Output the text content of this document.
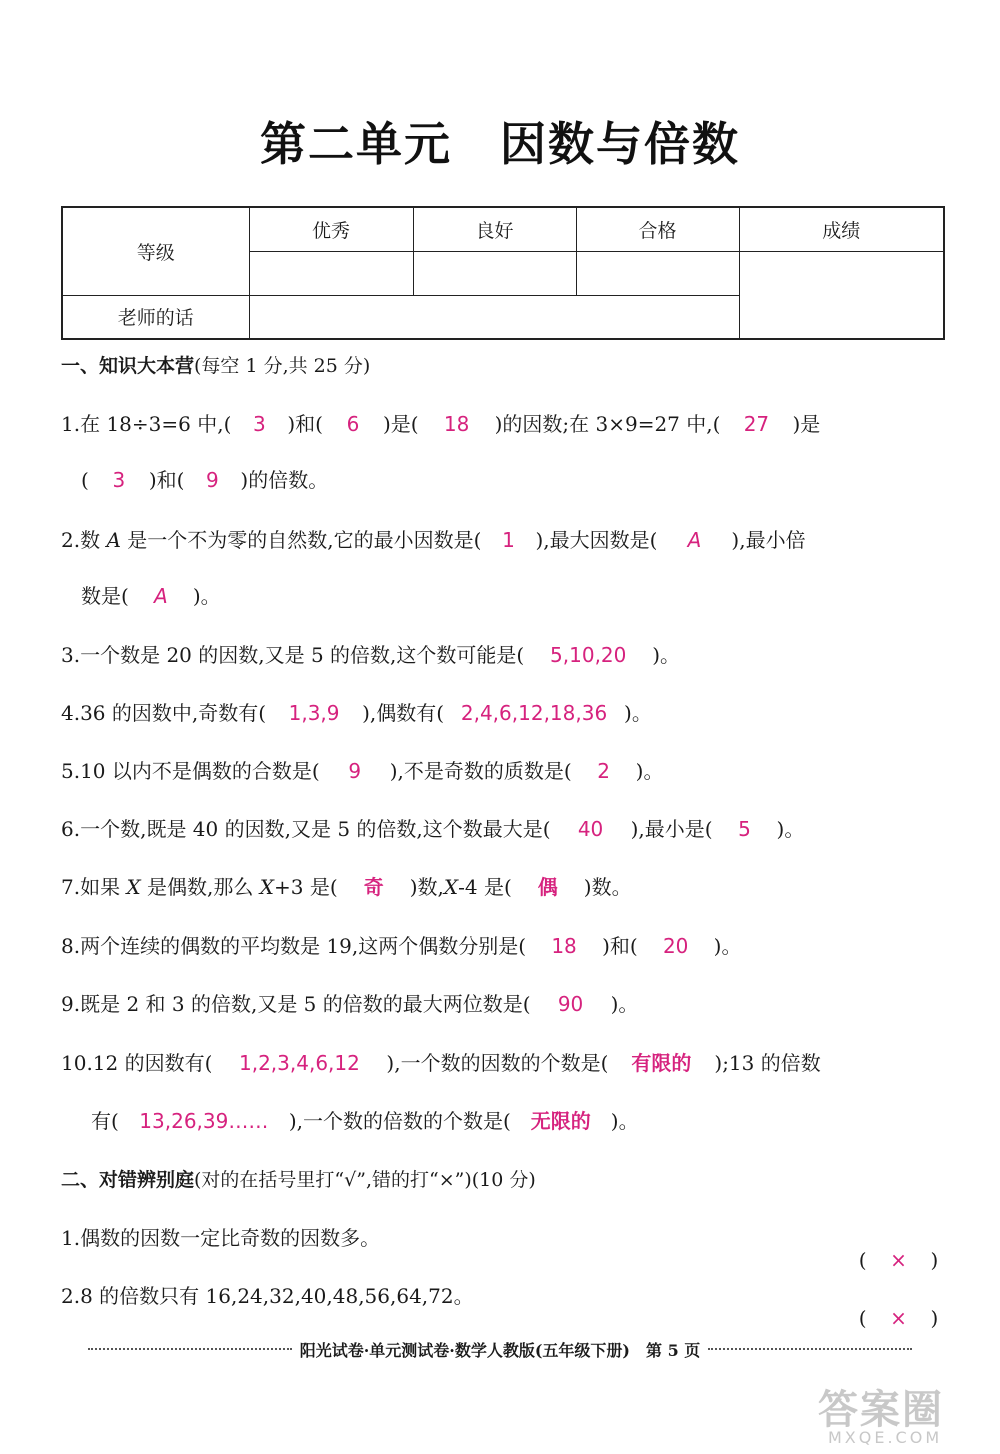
第二单元　因数与倍数
等级	优秀	良好	合格	成绩

老师的话				
一、知识大本营(每空 1 分,共 25 分)
1.在 18÷3=6 中,( 3 )和( 6 )是( 18 )的因数;在 3×9=27 中,( 27 )是
( 3 )和( 9 )的倍数。
2.数 A 是一个不为零的自然数,它的最小因数是( 1 ),最大因数是( A ),最小倍
数是( A )。
3.一个数是 20 的因数,又是 5 的倍数,这个数可能是( 5,10,20 )。
4.36 的因数中,奇数有( 1,3,9 ),偶数有( 2,4,6,12,18,36 )。
5.10 以内不是偶数的合数是( 9 ),不是奇数的质数是( 2 )。
6.一个数,既是 40 的因数,又是 5 的倍数,这个数最大是( 40 ),最小是( 5 )。
7.如果 X 是偶数,那么 X+3 是( 奇 )数,X-4 是( 偶 )数。
8.两个连续的偶数的平均数是 19,这两个偶数分别是( 18 )和( 20 )。
9.既是 2 和 3 的倍数,又是 5 的倍数的最大两位数是( 90 )。
10.12 的因数有( 1,2,3,4,6,12 ),一个数的因数的个数是( 有限的 );13 的倍数
有( 13,26,39…… ),一个数的倍数的个数是( 无限的 )。
二、对错辨别庭(对的在括号里打“√”,错的打“×”)(10 分)
1.偶数的因数一定比奇数的因数多。

( × )

2.8 的倍数只有 16,24,32,40,48,56,64,72。

( × )

阳光试卷·单元测试卷·数学人教版(五年级下册)　第 5 页
答案圈
MXQE.COM
